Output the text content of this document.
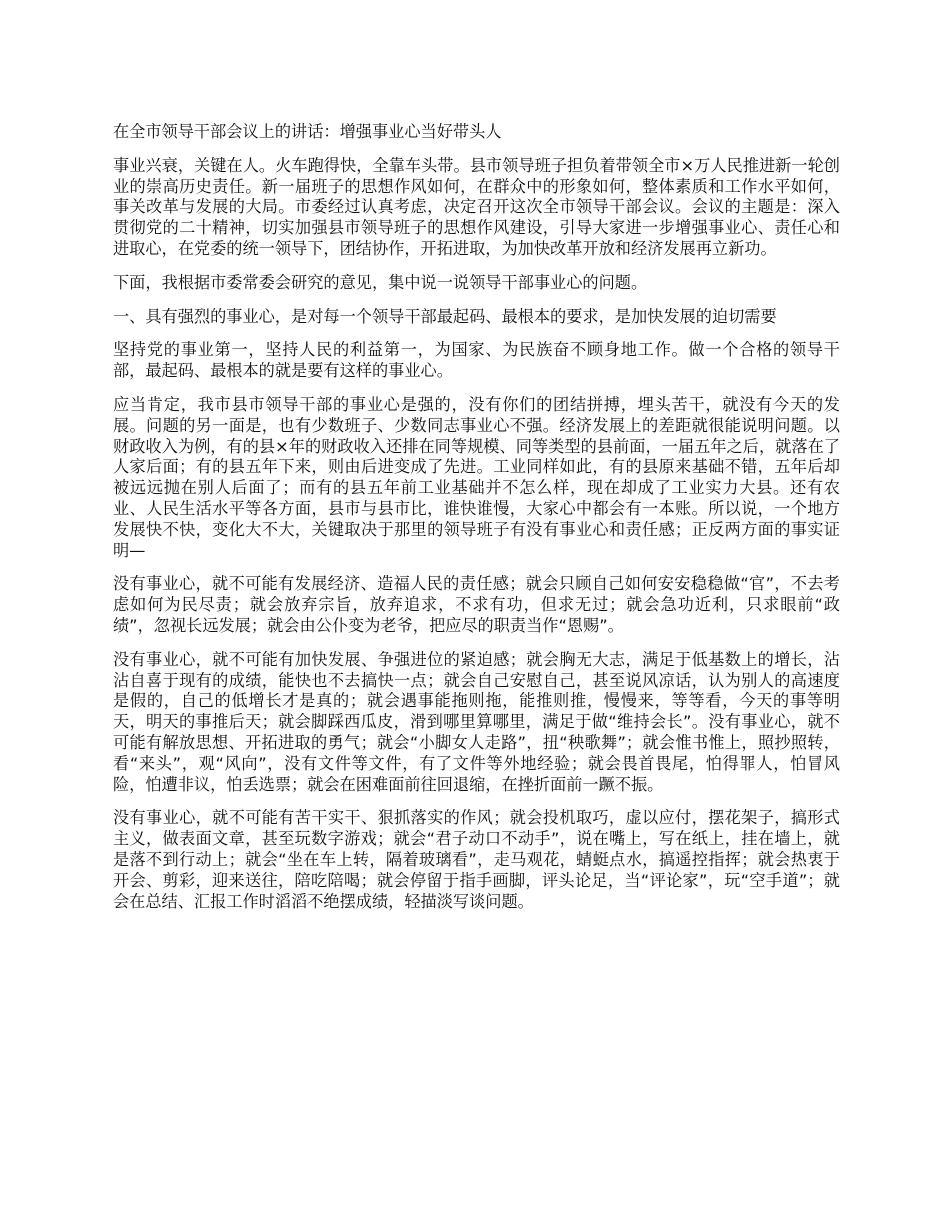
在全市领导干部会议上的讲话：增强事业心当好带头人

事业兴衰，关键在人。火车跑得快，全靠车头带。县市领导班子担负着带领全市×万人民推进新一轮创业的崇高历史责任。新一届班子的思想作风如何，在群众中的形象如何，整体素质和工作水平如何，事关改革与发展的大局。市委经过认真考虑，决定召开这次全市领导干部会议。会议的主题是：深入贯彻党的二十精神，切实加强县市领导班子的思想作风建设，引导大家进一步增强事业心、责任心和进取心，在党委的统一领导下，团结协作，开拓进取，为加快改革开放和经济发展再立新功。

下面，我根据市委常委会研究的意见，集中说一说领导干部事业心的问题。

一、具有强烈的事业心，是对每一个领导干部最起码、最根本的要求，是加快发展的迫切需要

坚持党的事业第一，坚持人民的利益第一，为国家、为民族奋不顾身地工作。做一个合格的领导干部，最起码、最根本的就是要有这样的事业心。

应当肯定，我市县市领导干部的事业心是强的，没有你们的团结拼搏，埋头苦干，就没有今天的发展。问题的另一面是，也有少数班子、少数同志事业心不强。经济发展上的差距就很能说明问题。以财政收入为例，有的县×年的财政收入还排在同等规模、同等类型的县前面，一届五年之后，就落在了人家后面；有的县五年下来，则由后进变成了先进。工业同样如此，有的县原来基础不错，五年后却被远远抛在别人后面了；而有的县五年前工业基础并不怎么样，现在却成了工业实力大县。还有农业、人民生活水平等各方面，县市与县市比，谁快谁慢，大家心中都会有一本账。所以说，一个地方发展快不快，变化大不大，关键取决于那里的领导班子有没有事业心和责任感；正反两方面的事实证明—

没有事业心，就不可能有发展经济、造福人民的责任感；就会只顾自己如何安安稳稳做“官”，不去考虑如何为民尽责；就会放弃宗旨，放弃追求，不求有功，但求无过；就会急功近利，只求眼前“政绩”，忽视长远发展；就会由公仆变为老爷，把应尽的职责当作“恩赐”。

没有事业心，就不可能有加快发展、争强进位的紧迫感；就会胸无大志，满足于低基数上的增长，沾沾自喜于现有的成绩，能快也不去搞快一点；就会自己安慰自己，甚至说风凉话，认为别人的高速度是假的，自己的低增长才是真的；就会遇事能拖则拖，能推则推，慢慢来，等等看，今天的事等明天，明天的事推后天；就会脚踩西瓜皮，滑到哪里算哪里，满足于做“维持会长”。没有事业心，就不可能有解放思想、开拓进取的勇气；就会“小脚女人走路”，扭“秧歌舞”；就会惟书惟上，照抄照转，看“来头”，观“风向”，没有文件等文件，有了文件等外地经验；就会畏首畏尾，怕得罪人，怕冒风险，怕遭非议，怕丢选票；就会在困难面前往回退缩，在挫折面前一蹶不振。

没有事业心，就不可能有苦干实干、狠抓落实的作风；就会投机取巧，虚以应付，摆花架子，搞形式主义，做表面文章，甚至玩数字游戏；就会“君子动口不动手”，说在嘴上，写在纸上，挂在墙上，就是落不到行动上；就会“坐在车上转，隔着玻璃看”，走马观花，蜻蜓点水，搞遥控指挥；就会热衷于开会、剪彩，迎来送往，陪吃陪喝；就会停留于指手画脚，评头论足，当“评论家”，玩“空手道”；就会在总结、汇报工作时滔滔不绝摆成绩，轻描淡写谈问题。
